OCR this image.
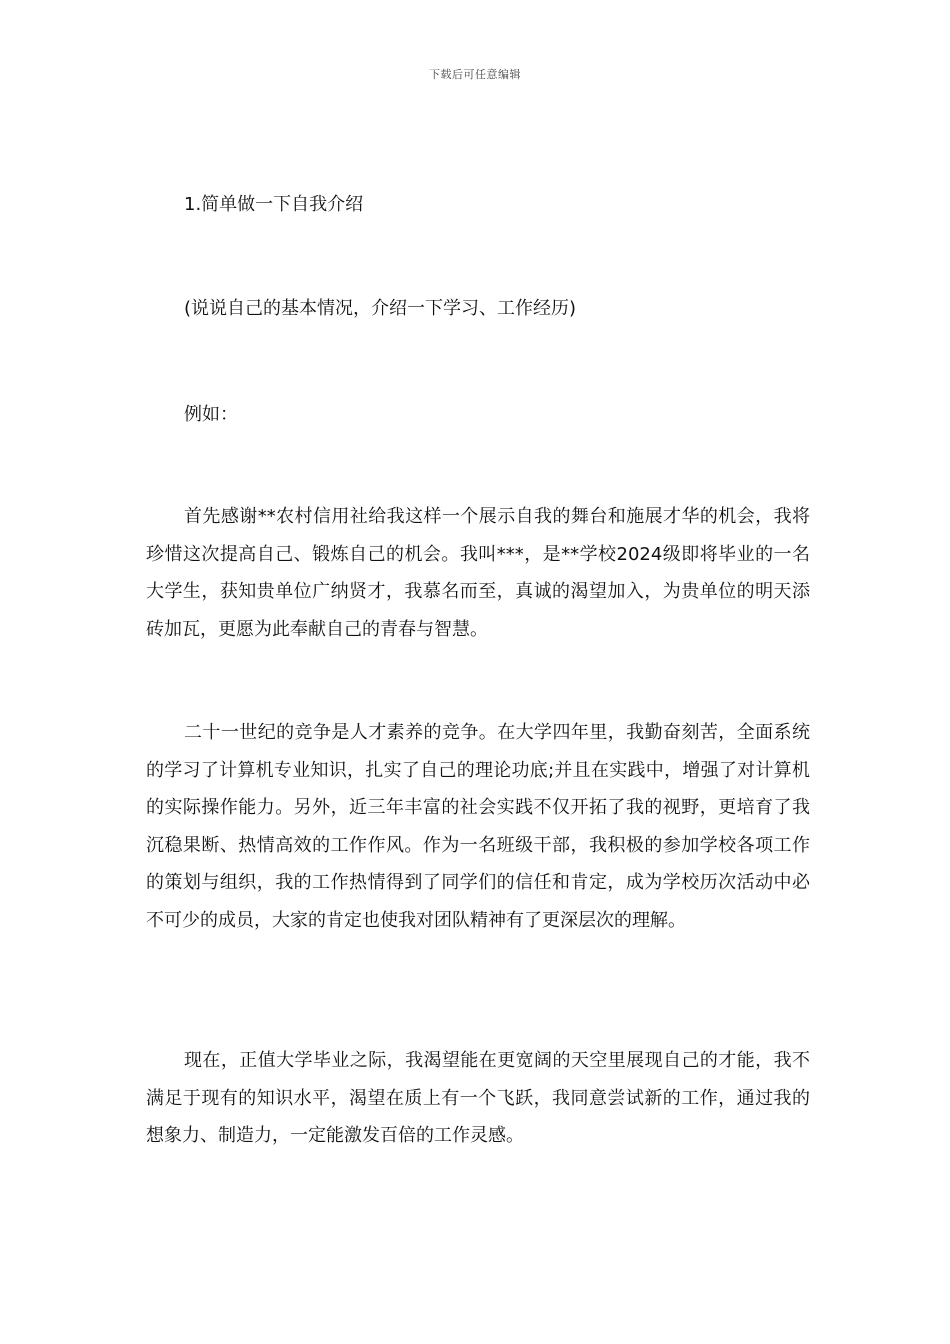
下载后可任意编辑
1.简单做一下自我介绍
(说说自己的基本情况，介绍一下学习、工作经历)
例如：

首先感谢**农村信用社给我这样一个展示自我的舞台和施展才华的机会，我将珍惜这次提高自己、锻炼自己的机会。我叫***，是**学校2024级即将毕业的一名大学生，获知贵单位广纳贤才，我慕名而至，真诚的渴望加入，为贵单位的明天添砖加瓦，更愿为此奉献自己的青春与智慧。

二十一世纪的竞争是人才素养的竞争。在大学四年里，我勤奋刻苦，全面系统的学习了计算机专业知识，扎实了自己的理论功底;并且在实践中，增强了对计算机的实际操作能力。另外，近三年丰富的社会实践不仅开拓了我的视野，更培育了我沉稳果断、热情高效的工作作风。作为一名班级干部，我积极的参加学校各项工作的策划与组织，我的工作热情得到了同学们的信任和肯定，成为学校历次活动中必不可少的成员，大家的肯定也使我对团队精神有了更深层次的理解。

现在，正值大学毕业之际，我渴望能在更宽阔的天空里展现自己的才能，我不满足于现有的知识水平，渴望在质上有一个飞跃，我同意尝试新的工作，通过我的想象力、制造力，一定能激发百倍的工作灵感。
